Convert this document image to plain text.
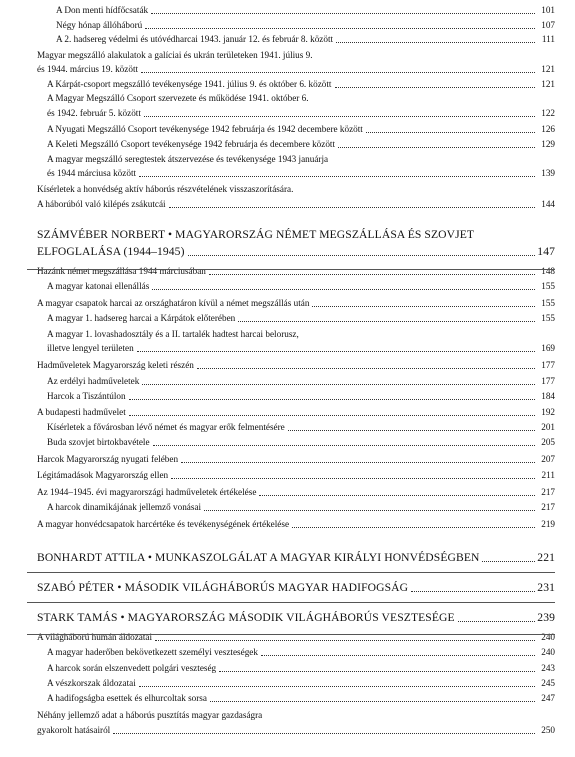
A Don menti hídfőcsaták	101
Négy hónap állóháború	107
A 2. hadsereg védelmi és utóvédharcai 1943. január 12. és február 8. között	111
Magyar megszálló alakulatok a galíciai és ukrán területeken 1941. július 9.
és 1944. március 19. között	121
A Kárpát-csoport megszálló tevékenysége 1941. július 9. és október 6. között	121
A Magyar Megszálló Csoport szervezete és működése 1941. október 6.
és 1942. február 5. között	122
A Nyugati Megszálló Csoport tevékenysége 1942 februárja és 1942 decembere között	126
A Keleti Megszálló Csoport tevékenysége 1942 februárja és decembere között	129
A magyar megszálló seregtestek átszervezése és tevékenysége 1943 januárja
és 1944 márciusa között	139
Kísérletek a honvédség aktív háborús részvételének visszaszorítására.
A háborúból való kilépés zsákutcái	144
SZÁMVÉBER NORBERT • MAGYARORSZÁG NÉMET MEGSZÁLLÁSA ÉS SZOVJET
ELFOGLALÁSA (1944–1945)	147
Hazánk német megszállása 1944 márciusában	148
A magyar katonai ellenállás	155
A magyar csapatok harcai az országhatáron kívül a német megszállás után	155
A magyar 1. hadsereg harcai a Kárpátok előterében	155
A magyar 1. lovashadosztály és a II. tartalék hadtest harcai belorusz,
illetve lengyel területen	169
Hadműveletek Magyarország keleti részén	177
Az erdélyi hadműveletek	177
Harcok a Tiszántúlon	184
A budapesti hadművelet	192
Kísérletek a fővárosban lévő német és magyar erők felmentésére	201
Buda szovjet birtokbavétele	205
Harcok Magyarország nyugati felében	207
Légitámadások Magyarország ellen	211
Az 1944–1945. évi magyarországi hadműveletek értékelése	217
A harcok dinamikájának jellemző vonásai	217
A magyar honvédcsapatok harcértéke és tevékenységének értékelése	219
BONHARDT ATTILA • MUNKASZOLGÁLAT A MAGYAR KIRÁLYI HONVÉDSÉGBEN	221
SZABÓ PÉTER • MÁSODIK VILÁGHÁBORÚS MAGYAR HADIFOGSÁG	231
STARK TAMÁS • MAGYARORSZÁG MÁSODIK VILÁGHÁBORÚS VESZTESÉGE	239
A világháború humán áldozatai	240
A magyar haderőben bekövetkezett személyi veszteségek	240
A harcok során elszenvedett polgári veszteség	243
A vészkorszak áldozatai	245
A hadifogságba esettek és elhurcoltak sorsa	247
Néhány jellemző adat a háborús pusztítás magyar gazdaságra
gyakorolt hatásairól	250
